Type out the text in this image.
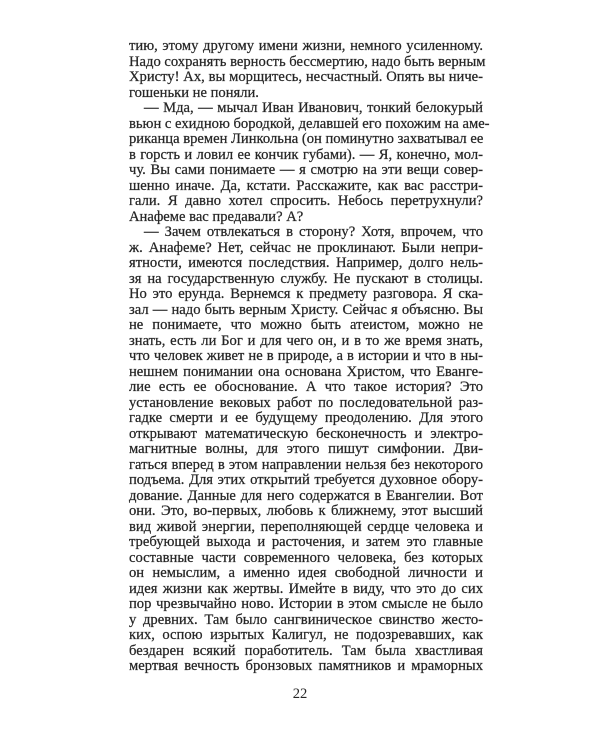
тию, этому другому имени жизни, немного усиленному.
Надо сохранять верность бессмертию, надо быть верным
Христу! Ах, вы морщитесь, несчастный. Опять вы ниче-
гошеньки не поняли.
— Мда, — мычал Иван Иванович, тонкий белокурый
вьюн с ехидною бородкой, делавшей его похожим на аме-
риканца времен Линкольна (он поминутно захватывал ее
в горсть и ловил ее кончик губами). — Я, конечно, мол-
чу. Вы сами понимаете — я смотрю на эти вещи совер-
шенно иначе. Да, кстати. Расскажите, как вас расстри-
гали. Я давно хотел спросить. Небось перетрухнули?
Анафеме вас предавали? А?
— Зачем отвлекаться в сторону? Хотя, впрочем, что
ж. Анафеме? Нет, сейчас не проклинают. Были непри-
ятности, имеются последствия. Например, долго нель-
зя на государственную службу. Не пускают в столицы.
Но это ерунда. Вернемся к предмету разговора. Я ска-
зал — надо быть верным Христу. Сейчас я объясню. Вы
не понимаете, что можно быть атеистом, можно не
знать, есть ли Бог и для чего он, и в то же время знать,
что человек живет не в природе, а в истории и что в ны-
нешнем понимании она основана Христом, что Еванге-
лие есть ее обоснование. А что такое история? Это
установление вековых работ по последовательной раз-
гадке смерти и ее будущему преодолению. Для этого
открывают математическую бесконечность и электро-
магнитные волны, для этого пишут симфонии. Дви-
гаться вперед в этом направлении нельзя без некоторого
подъема. Для этих открытий требуется духовное обору-
дование. Данные для него содержатся в Евангелии. Вот
они. Это, во-первых, любовь к ближнему, этот высший
вид живой энергии, переполняющей сердце человека и
требующей выхода и расточения, и затем это главные
составные части современного человека, без которых
он немыслим, а именно идея свободной личности и
идея жизни как жертвы. Имейте в виду, что это до сих
пор чрезвычайно ново. Истории в этом смысле не было
у древних. Там было сангвиническое свинство жесто-
ких, оспою изрытых Калигул, не подозревавших, как
бездарен всякий поработитель. Там была хвастливая
мертвая вечность бронзовых памятников и мраморных
22
